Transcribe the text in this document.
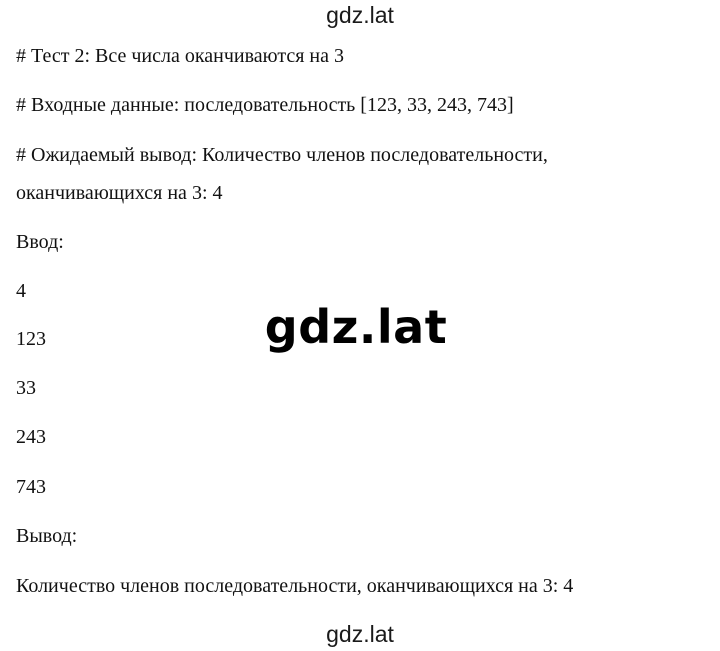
gdz.lat
# Тест 2: Все числа оканчиваются на 3
# Входные данные: последовательность [123, 33, 243, 743]
# Ожидаемый вывод: Количество членов последовательности,
оканчивающихся на 3: 4
Ввод:
4
123
33
243
743
Вывод:
Количество членов последовательности, оканчивающихся на 3: 4
gdz.lat
gdz.lat
